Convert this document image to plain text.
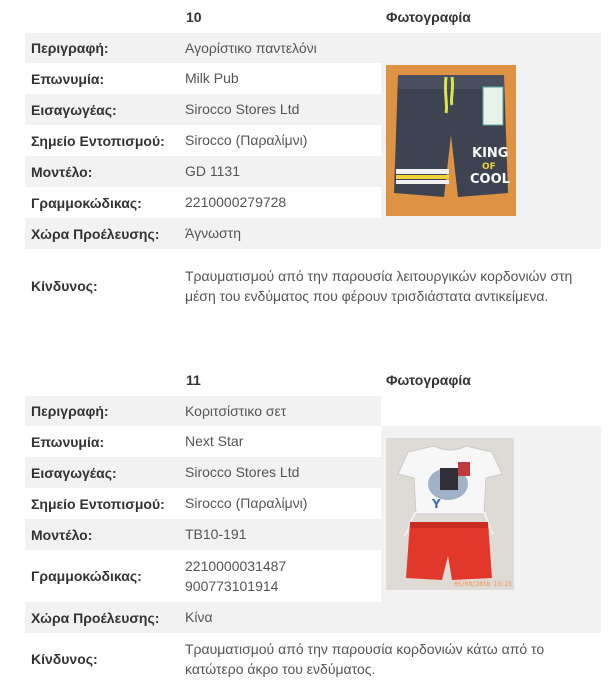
10	Φωτογραφία
Περιγραφή:	Αγορίστικο παντελόνι
Επωνυμία:	Milk Pub
Εισαγωγέας:	Sirocco Stores Ltd
Σημείο Εντοπισμού:	Sirocco (Παραλίμνι)
Μοντέλο:	GD 1131
Γραμμοκώδικας:	2210000279728
Χώρα Προέλευσης:	Άγνωστη
Κίνδυνος:
Τραυματισμού από την παρουσία λειτουργικών κορδονιών στη μέση του ενδύματος που φέρουν τρισδιάστατα αντικείμενα.
KING
OF
COOL
11	Φωτογραφία
Περιγραφή:	Κοριτσίστικο σετ
Επωνυμία:	Next Star
Εισαγωγέας:	Sirocco Stores Ltd
Σημείο Εντοπισμού:	Sirocco (Παραλίμνι)
Μοντέλο:	TB10-191
Γραμμοκώδικας:
2210000031487
900773101914
Χώρα Προέλευσης:	Κίνα
Κίνδυνος:
Τραυματισμού από την παρουσία κορδονιών κάτω από το κατώτερο άκρο του ενδύματος.
Y
05/09/2018 13:23
